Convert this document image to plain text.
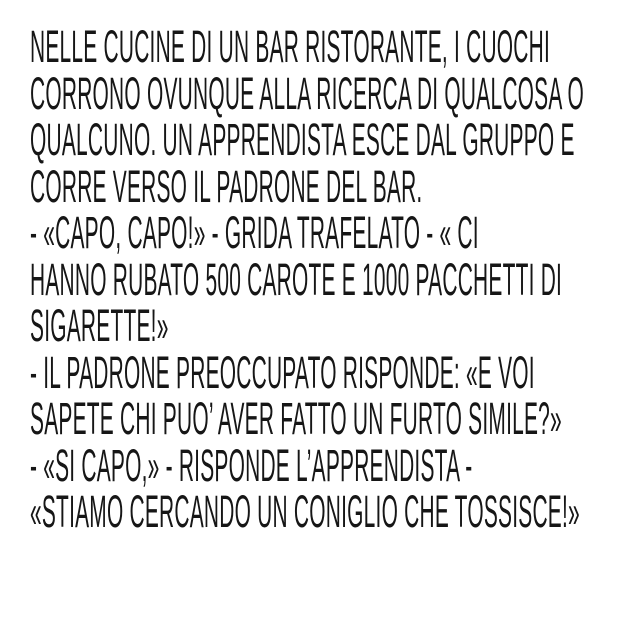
NELLE CUCINE DI UN BAR RISTORANTE, I CUOCHI
CORRONO OVUNQUE ALLA RICERCA DI QUALCOSA O
QUALCUNO. UN APPRENDISTA ESCE DAL GRUPPO E
CORRE VERSO IL PADRONE DEL BAR.
- «CAPO, CAPO!» - GRIDA TRAFELATO - « CI
HANNO RUBATO 500 CAROTE E 1000 PACCHETTI DI
SIGARETTE!»
- IL PADRONE PREOCCUPATO RISPONDE: «E VOI
SAPETE CHI PUO’ AVER FATTO UN FURTO SIMILE?»
- «SI CAPO,» - RISPONDE L’APPRENDISTA -
«STIAMO CERCANDO UN CONIGLIO CHE TOSSISCE!»
